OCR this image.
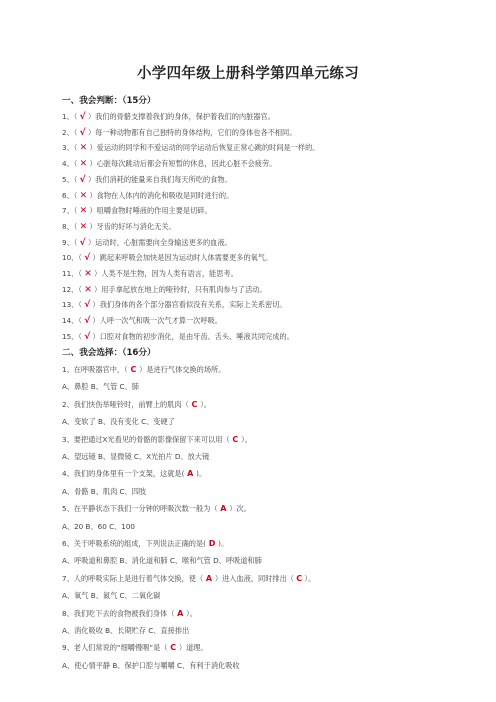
小学四年级上册科学第四单元练习
一、我会判断：（15分）
1、（ √ ）我们的骨骼支撑着我们的身体，保护着我们的内脏器官。
2、（ √ ）每一种动物都有自己独特的身体结构，它们的身体也各不相同。
3、（ ✕ ）爱运动的同学和不爱运动的同学运动后恢复正常心跳的时间是一样的。
4、（ ✕ ）心脏每次跳动后都会有短暂的休息，因此心脏不会疲劳。
5、（ √ ）我们消耗的能量来自我们每天所吃的食物。
6、（ ✕ ）食物在人体内的消化和吸收是同时进行的。
7、（ ✕ ）咀嚼食物时唾液的作用主要是切碎。
8、（ ✕ ）牙齿的好坏与消化无关。
9、（ √ ）运动时，心脏需要向全身输送更多的血液。
10、（ √ ）跳起来呼吸会加快是因为运动时人体需要更多的氧气。
11、（ ✕ ）人类不是生物，因为人类有语言，能思考。
12、（ ✕ ）用手拿起放在地上的哑铃时，只有肌肉参与了活动。
13、（ √ ）我们身体的各个部分器官看似没有关系，实际上关系密切。
14、（ √ ）人呼一次气和吸一次气才算一次呼吸。
15、（ √ ）口腔对食物的初步消化，是由牙齿、舌头、唾液共同完成的。
二、我会选择：（16分）
1、在呼吸器官中，（ C ）是进行气体交换的场所。
A、鼻腔 B、气管 C、肺
2、我们快伤举哑铃时，前臂上的肌肉（ C ）。
A、变软了 B、没有变化 C、变硬了
3、要把通过X光看见的骨骼的影像保留下来可以用（ C ）。
A、望远镜 B、显微镜 C、X光拍片 D、放大镜
4、我们的身体里有一个支架，这就是( A )。
A、骨骼 B、肌肉 C、四肢
5、在平静状态下我们一分钟的呼吸次数一般为（ A ）次。
A、20 B、60 C、100
6、关于呼吸系统的组成，下列说法正确的是( D )。
A、呼吸道和鼻腔 B、消化道和肺 C、喉和气管 D、呼吸道和肺
7、人的呼吸实际上是进行着气体交换，使（ A ）进入血液，同时排出（ C ）。
A、氧气 B、氮气 C、二氧化碳
8、我们吃下去的食物被我们身体（ A ）。
A、消化吸收 B、长期贮存 C、直接排出
9、老人们常说的“细嚼慢咽”是（ C ）道理。
A、使心情平静 B、保护口腔与嚼嚼 C、有利于消化吸收
